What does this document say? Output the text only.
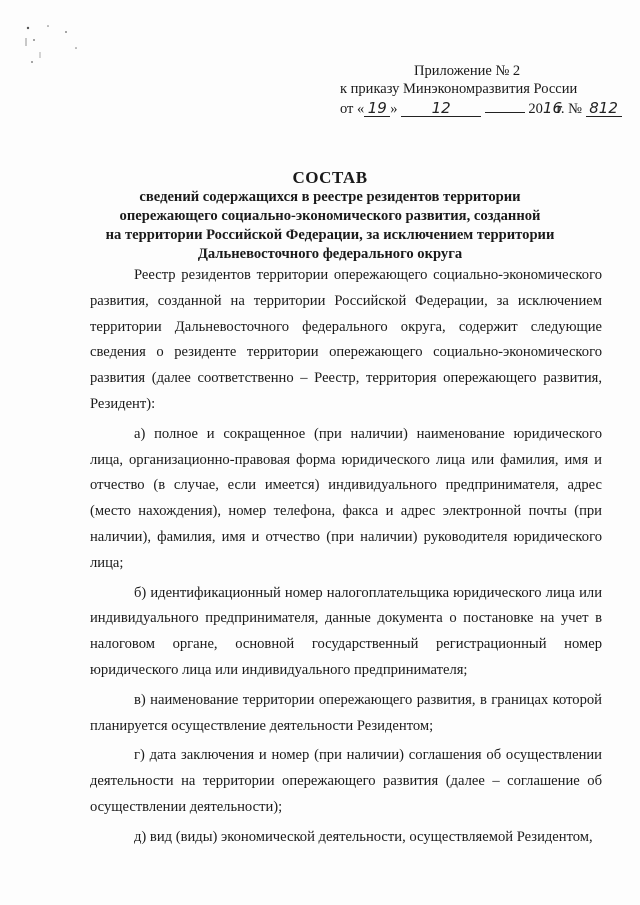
Приложение № 2
к приказу Минэкономразвития России
от « 19 » 12	2016 г. № 812
СОСТАВ
сведений содержащихся в реестре резидентов территории
опережающего социально-экономического развития, созданной
на территории Российской Федерации, за исключением территории
Дальневосточного федерального округа

Реестр резидентов территории опережающего социально-экономического развития, созданной на территории Российской Федерации, за исключением территории Дальневосточного федерального округа, содержит следующие сведения о резиденте территории опережающего социально-экономического развития (далее соответственно – Реестр, территория опережающего развития, Резидент):

а) полное и сокращенное (при наличии) наименование юридического лица, организационно-правовая форма юридического лица или фамилия, имя и отчество (в случае, если имеется) индивидуального предпринимателя, адрес (место нахождения), номер телефона, факса и адрес электронной почты (при наличии), фамилия, имя и отчество (при наличии) руководителя юридического лица;

б) идентификационный номер налогоплательщика юридического лица или индивидуального предпринимателя, данные документа о постановке на учет в налоговом органе, основной государственный регистрационный номер юридического лица или индивидуального предпринимателя;

в) наименование территории опережающего развития, в границах которой планируется осуществление деятельности Резидентом;

г) дата заключения и номер (при наличии) соглашения об осуществлении деятельности на территории опережающего развития (далее – соглашение об осуществлении деятельности);

д) вид (виды) экономической деятельности, осуществляемой Резидентом,
